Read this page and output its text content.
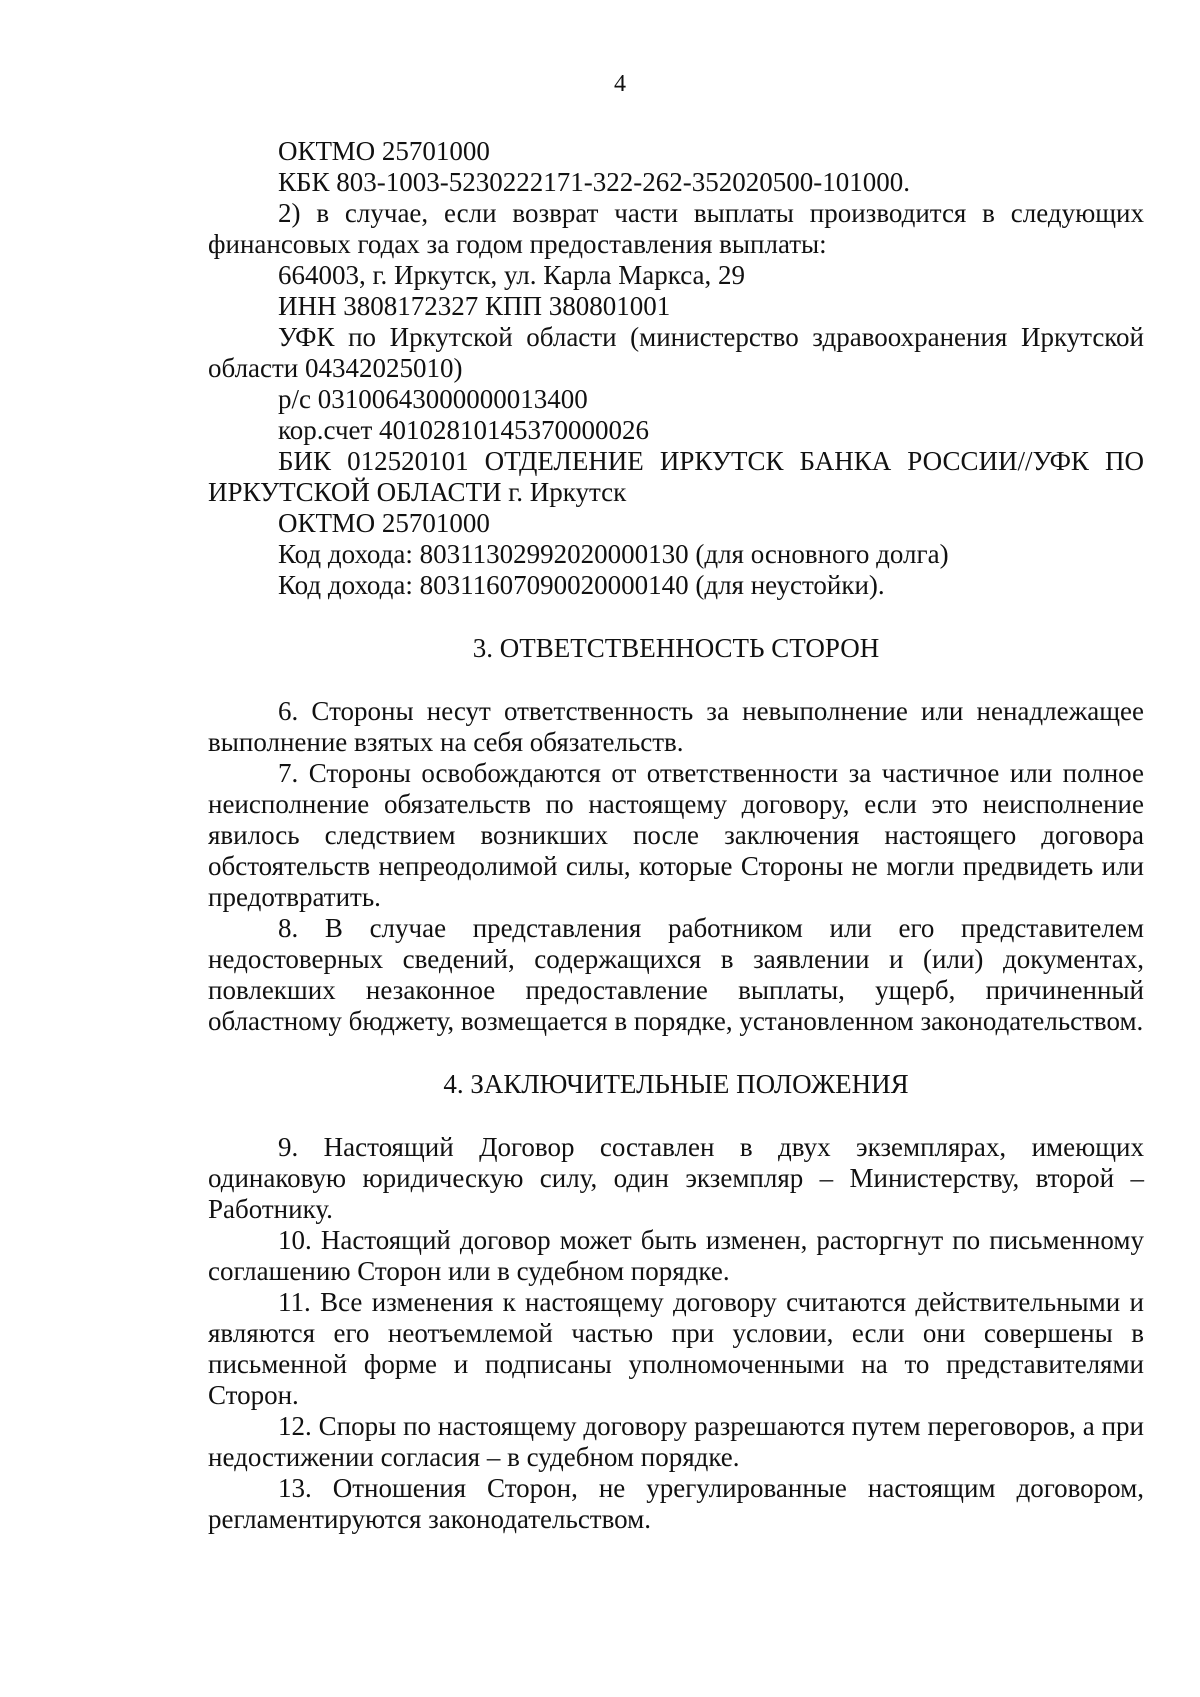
4

ОКТМО 25701000

КБК 803-1003-5230222171-322-262-352020500-101000.

2) в случае, если возврат части выплаты производится в следующих финансовых годах за годом предоставления выплаты:

664003, г. Иркутск, ул. Карла Маркса, 29

ИНН 3808172327 КПП 380801001

УФК по Иркутской области (министерство здравоохранения Иркутской области 04342025010)

р/с 03100643000000013400

кор.счет 40102810145370000026

БИК 012520101 ОТДЕЛЕНИЕ ИРКУТСК БАНКА РОССИИ//УФК ПО ИРКУТСКОЙ ОБЛАСТИ г. Иркутск

ОКТМО 25701000

Код дохода: 80311302992020000130 (для основного долга)

Код дохода: 80311607090020000140 (для неустойки).

3. ОТВЕТСТВЕННОСТЬ СТОРОН

6. Стороны несут ответственность за невыполнение или ненадлежащее выполнение взятых на себя обязательств.

7. Стороны освобождаются от ответственности за частичное или полное неисполнение обязательств по настоящему договору, если это неисполнение явилось следствием возникших после заключения настоящего договора обстоятельств непреодолимой силы, которые Стороны не могли предвидеть или предотвратить.

8. В случае представления работником или его представителем недостоверных сведений, содержащихся в заявлении и (или) документах, повлекших незаконное предоставление выплаты, ущерб, причиненный областному бюджету, возмещается в порядке, установленном законодательством.

4. ЗАКЛЮЧИТЕЛЬНЫЕ ПОЛОЖЕНИЯ

9. Настоящий Договор составлен в двух экземплярах, имеющих одинаковую юридическую силу, один экземпляр – Министерству, второй – Работнику.

10. Настоящий договор может быть изменен, расторгнут по письменному соглашению Сторон или в судебном порядке.

11. Все изменения к настоящему договору считаются действительными и являются его неотъемлемой частью при условии, если они совершены в письменной форме и подписаны уполномоченными на то представителями Сторон.

12. Споры по настоящему договору разрешаются путем переговоров, а при недостижении согласия – в судебном порядке.

13. Отношения Сторон, не урегулированные настоящим договором, регламентируются законодательством.
